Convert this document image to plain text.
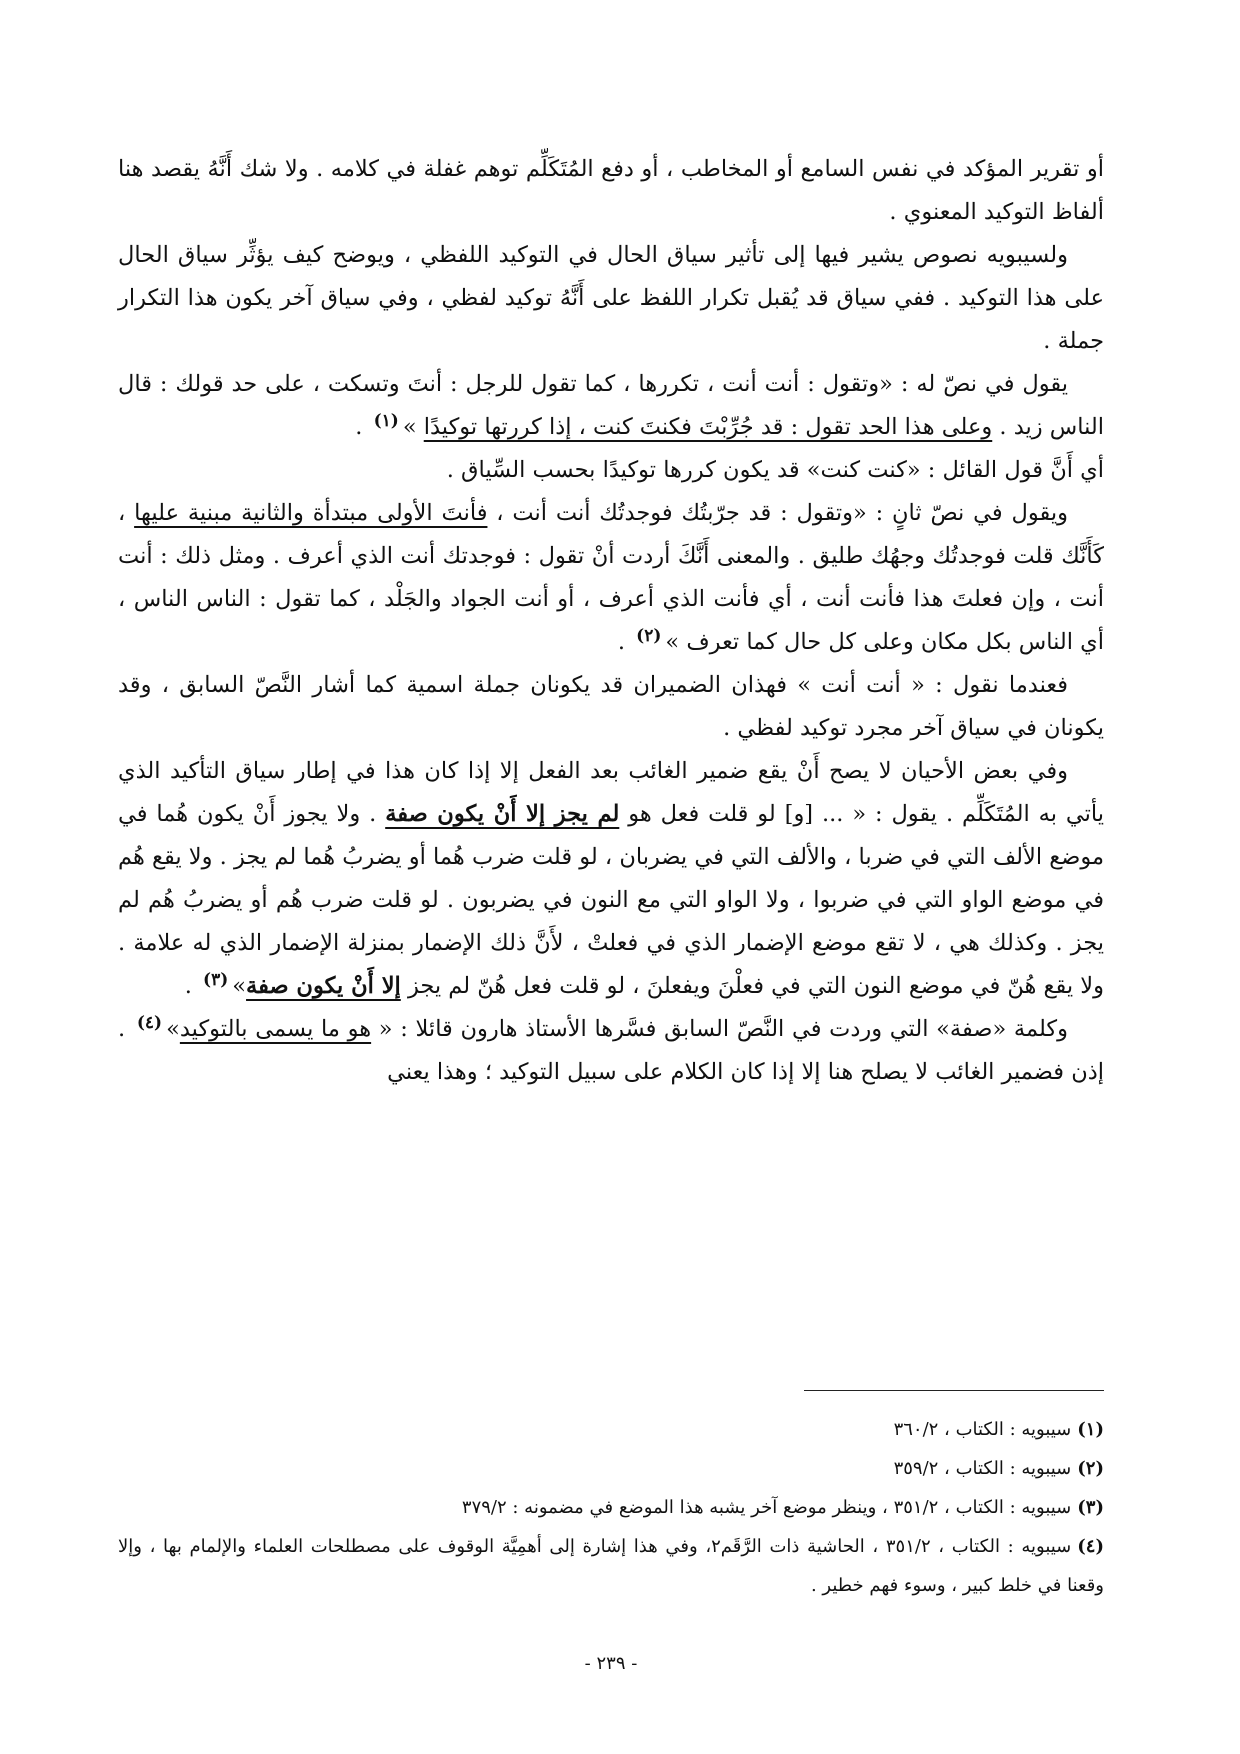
أو تقرير المؤكد في نفس السامع أو المخاطب ، أو دفع المُتَكَلِّم توهم غفلة في كلامه . ولا شك أَنَّهُ يقصد هنا ألفاظ التوكيد المعنوي .

ولسيبويه نصوص يشير فيها إلى تأثير سياق الحال في التوكيد اللفظي ، ويوضح كيف يؤثِّر سياق الحال على هذا التوكيد . ففي سياق قد يُقبل تكرار اللفظ على أَنَّهُ توكيد لفظي ، وفي سياق آخر يكون هذا التكرار جملة .

يقول في نصّ له : «وتقول : أنت أنت ، تكررها ، كما تقول للرجل : أنتَ وتسكت ، على حد قولك : قال الناس زيد . وعلى هذا الحد تقول : قد جُرِّبْتَ فكنتَ كنت ، إذا كررتها توكيدًا »$^{(١)}$ .

أي أَنَّ قول القائل : «كنت كنت» قد يكون كررها توكيدًا بحسب السِّياق .

ويقول في نصّ ثانٍ : «وتقول : قد جرّبتُك فوجدتُك أنت أنت ، فأنتَ الأولى مبتدأة والثانية مبنية عليها ، كَأَنَّك قلت فوجدتُك وجهُك طليق . والمعنى أَنَّكَ أردت أنْ تقول : فوجدتك أنت الذي أعرف . ومثل ذلك : أنت أنت ، وإن فعلتَ هذا فأنت أنت ، أي فأنت الذي أعرف ، أو أنت الجواد والجَلْد ، كما تقول : الناس الناس ، أي الناس بكل مكان وعلى كل حال كما تعرف »$^{(٢)}$ .

فعندما نقول : « أنت أنت » فهذان الضميران قد يكونان جملة اسمية كما أشار النَّصّ السابق ، وقد يكونان في سياق آخر مجرد توكيد لفظي .

وفي بعض الأحيان لا يصح أَنْ يقع ضمير الغائب بعد الفعل إلا إذا كان هذا في إطار سياق التأكيد الذي يأتي به المُتَكَلِّم . يقول : « ... [و] لو قلت فعل هو لم يجز إلا أَنْ يكون صفة . ولا يجوز أَنْ يكون هُما في موضع الألف التي في ضربا ، والألف التي في يضربان ، لو قلت ضرب هُما أو يضربُ هُما لم يجز . ولا يقع هُم في موضع الواو التي في ضربوا ، ولا الواو التي مع النون في يضربون . لو قلت ضرب هُم أو يضربُ هُم لم يجز . وكذلك هي ، لا تقع موضع الإضمار الذي في فعلتْ ، لأَنَّ ذلك الإضمار بمنزلة الإضمار الذي له علامة . ولا يقع هُنّ في موضع النون التي في فعلْنَ ويفعلنَ ، لو قلت فعل هُنّ لم يجز إلا أَنْ يكون صفة»$^{(٣)}$ .

وكلمة «صفة» التي وردت في النَّصّ السابق فسَّرها الأستاذ هارون قائلا : « هو ما يسمى بالتوكيد»$^{(٤)}$ . إذن فضمير الغائب لا يصلح هنا إلا إذا كان الكلام على سبيل التوكيد ؛ وهذا يعني

(١)سيبويه : الكتاب ، ٣٦٠/٢

(٢)سيبويه : الكتاب ، ٣٥٩/٢

(٣)سيبويه : الكتاب ، ٣٥١/٢ ، وينظر موضع آخر يشبه هذا الموضع في مضمونه : ٣٧٩/٢

(٤)سيبويه : الكتاب ، ٣٥١/٢ ، الحاشية ذات الرَّقَم٢، وفي هذا إشارة إلى أهمِيَّة الوقوف على مصطلحات العلماء والإلمام بها ، وإلا وقعنا في خلط كبير ، وسوء فهم خطير .

- ٢٣٩ -
